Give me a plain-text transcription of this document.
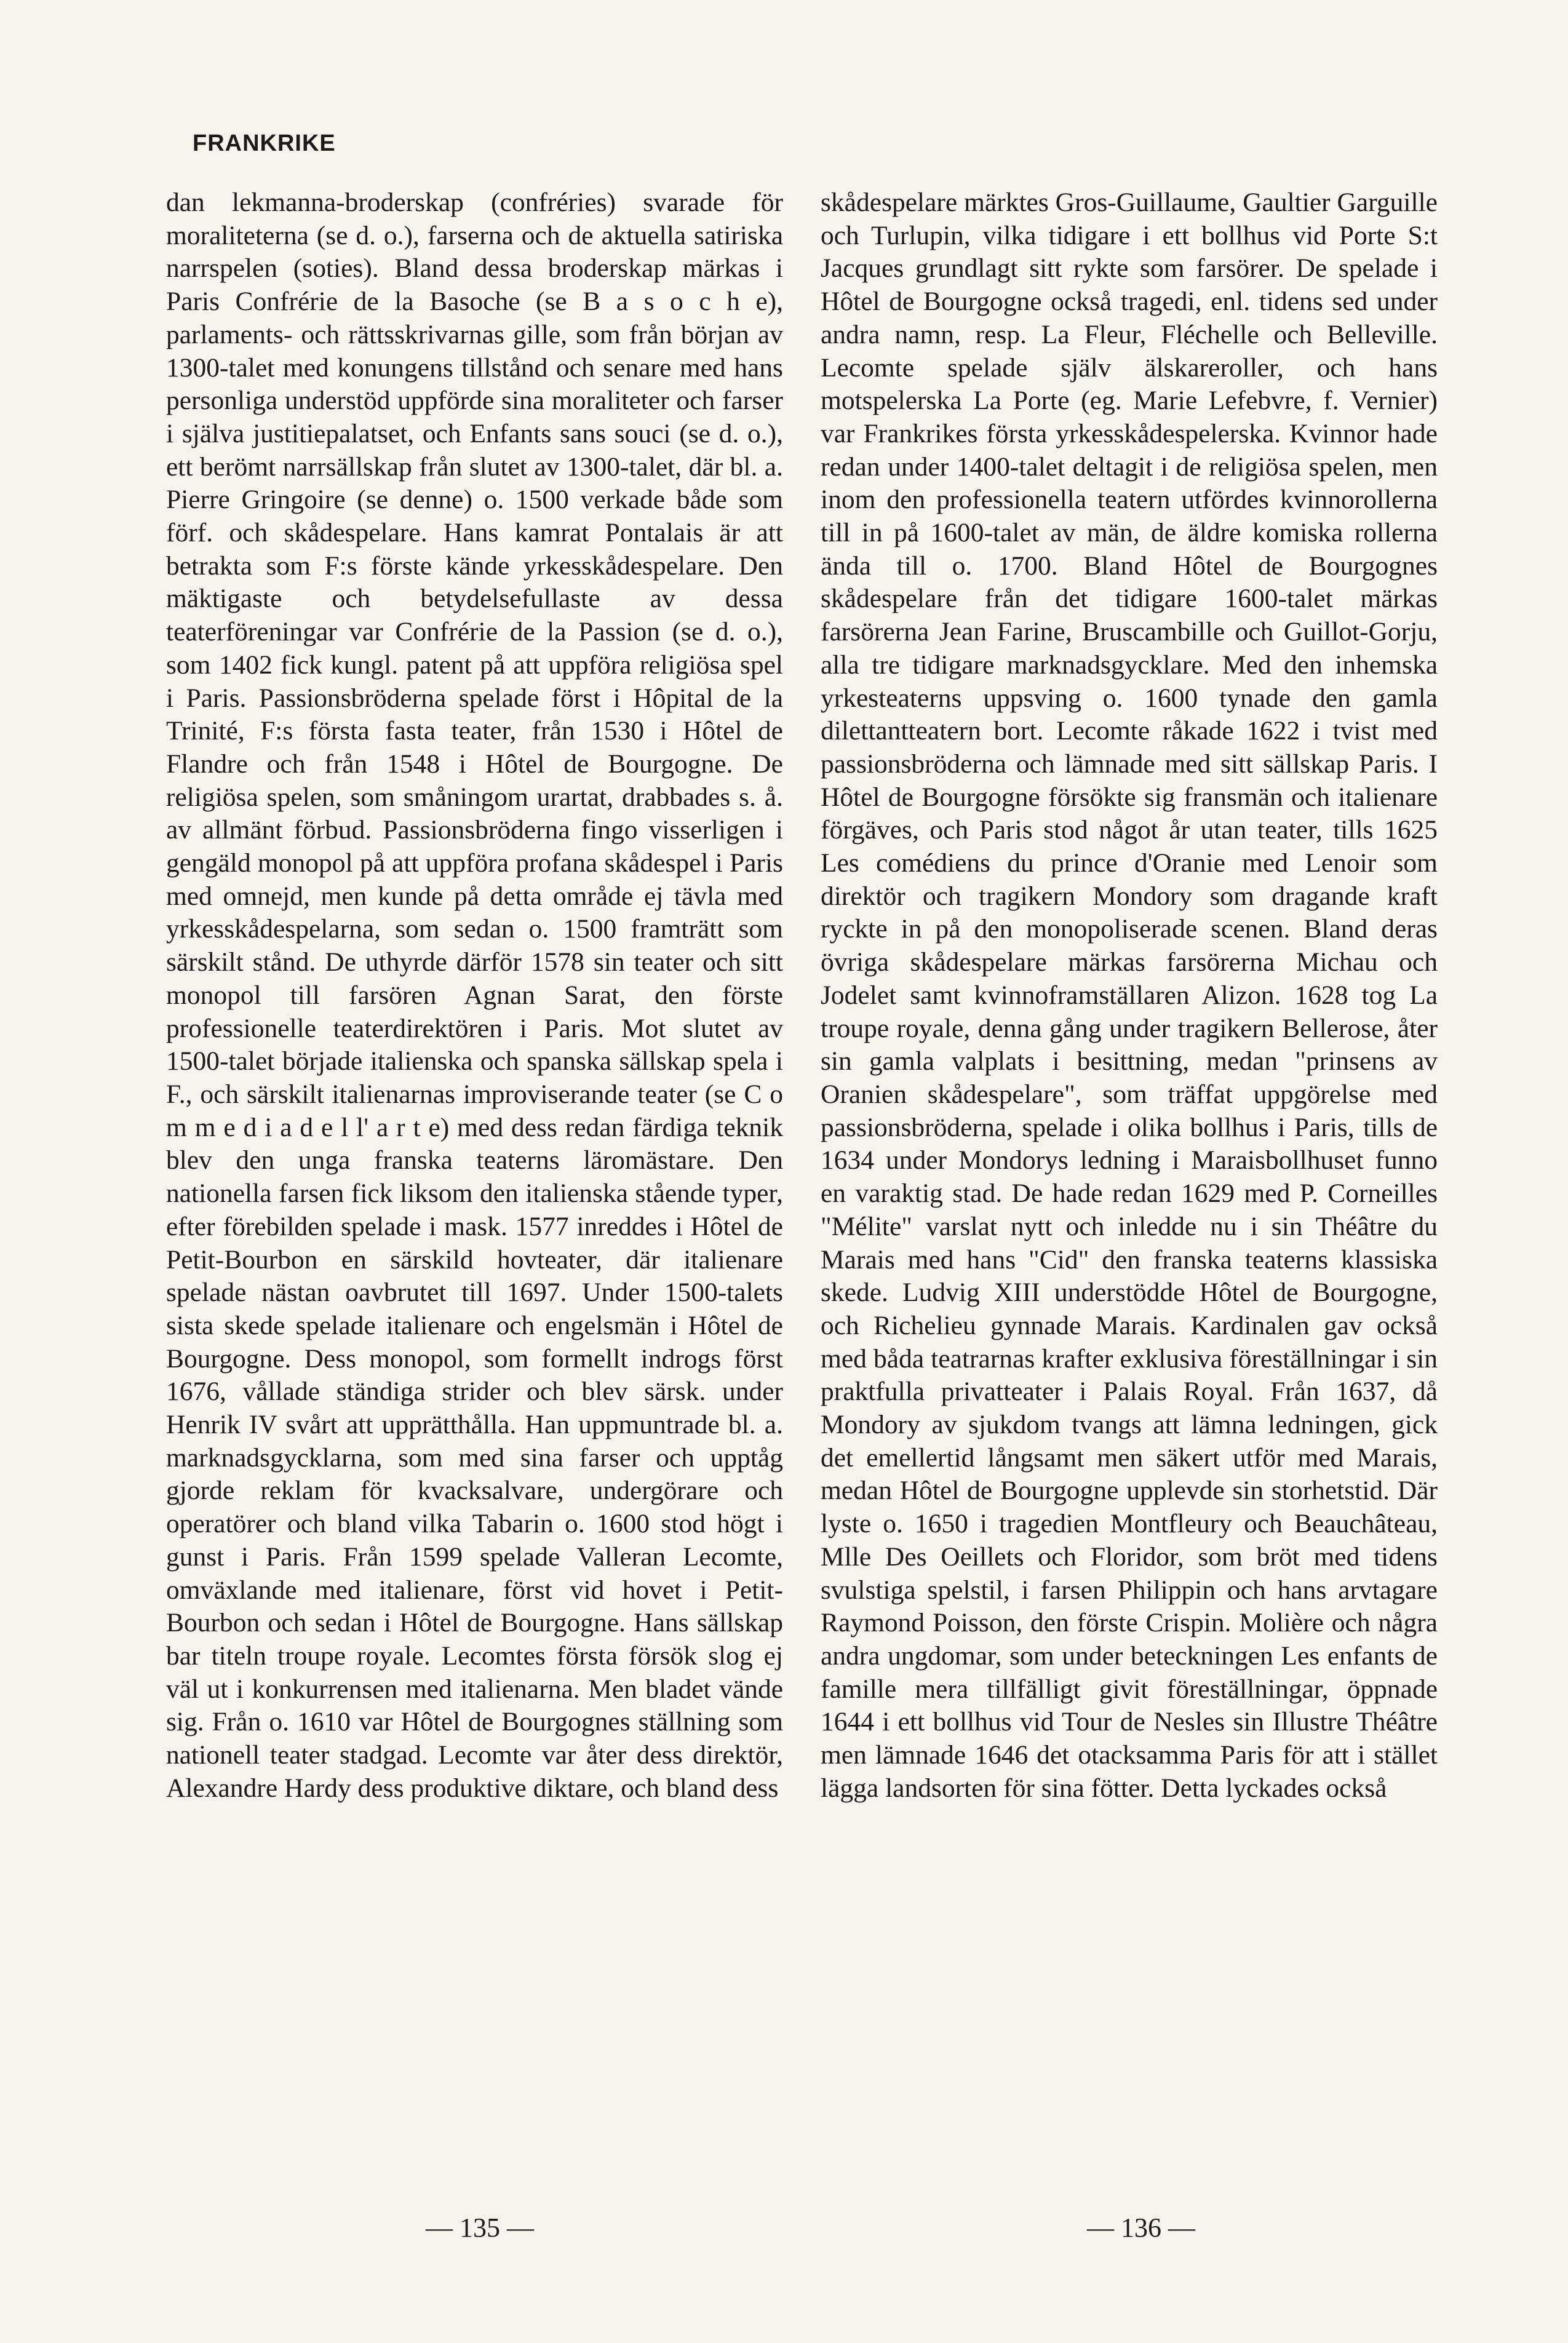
FRANKRIKE

dan lekmanna-broderskap (confréries) svarade för moraliteterna (se d. o.), farserna och de aktuella satiriska narrspelen (soties). Bland dessa broderskap märkas i Paris Confrérie de la Basoche (se B a s o c h e), parlaments- och rättsskrivarnas gille, som från början av 1300-talet med konungens tillstånd och senare med hans personliga understöd uppförde sina moraliteter och farser i själva justitiepalatset, och Enfants sans souci (se d. o.), ett berömt narrsällskap från slutet av 1300-talet, där bl. a. Pierre Gringoire (se denne) o. 1500 verkade både som förf. och skådespelare. Hans kamrat Pontalais är att betrakta som F:s förste kände yrkesskådespelare. Den mäktigaste och betydelsefullaste av dessa teaterföreningar var Confrérie de la Passion (se d. o.), som 1402 fick kungl. patent på att uppföra religiösa spel i Paris. Passionsbröderna spelade först i Hôpital de la Trinité, F:s första fasta teater, från 1530 i Hôtel de Flandre och från 1548 i Hôtel de Bourgogne. De religiösa spelen, som småningom urartat, drabbades s. å. av allmänt förbud. Passionsbröderna fingo visserligen i gengäld monopol på att uppföra profana skådespel i Paris med omnejd, men kunde på detta område ej tävla med yrkesskådespelarna, som sedan o. 1500 framträtt som särskilt stånd. De uthyrde därför 1578 sin teater och sitt monopol till farsören Agnan Sarat, den förste professionelle teaterdirektören i Paris. Mot slutet av 1500-talet började italienska och spanska sällskap spela i F., och särskilt italienarnas improviserande teater (se C o m m e d i a d e l l' a r t e) med dess redan färdiga teknik blev den unga franska teaterns läromästare. Den nationella farsen fick liksom den italienska stående typer, efter förebilden spelade i mask. 1577 inreddes i Hôtel de Petit-Bourbon en särskild hovteater, där italienare spelade nästan oavbrutet till 1697. Under 1500-talets sista skede spelade italienare och engelsmän i Hôtel de Bourgogne. Dess monopol, som formellt indrogs först 1676, vållade ständiga strider och blev särsk. under Henrik IV svårt att upprätthålla. Han uppmuntrade bl. a. marknadsgycklarna, som med sina farser och upptåg gjorde reklam för kvacksalvare, undergörare och operatörer och bland vilka Tabarin o. 1600 stod högt i gunst i Paris. Från 1599 spelade Valleran Lecomte, omväxlande med italienare, först vid hovet i Petit-Bourbon och sedan i Hôtel de Bourgogne. Hans sällskap bar titeln troupe royale. Lecomtes första försök slog ej väl ut i konkurrensen med italienarna. Men bladet vände sig. Från o. 1610 var Hôtel de Bourgognes ställning som nationell teater stadgad. Lecomte var åter dess direktör, Alexandre Hardy dess produktive diktare, och bland dess

skådespelare märktes Gros-Guillaume, Gaultier Garguille och Turlupin, vilka tidigare i ett bollhus vid Porte S:t Jacques grundlagt sitt rykte som farsörer. De spelade i Hôtel de Bourgogne också tragedi, enl. tidens sed under andra namn, resp. La Fleur, Fléchelle och Belleville. Lecomte spelade själv älskareroller, och hans motspelerska La Porte (eg. Marie Lefebvre, f. Vernier) var Frankrikes första yrkesskådespelerska. Kvinnor hade redan under 1400-talet deltagit i de religiösa spelen, men inom den professionella teatern utfördes kvinnorollerna till in på 1600-talet av män, de äldre komiska rollerna ända till o. 1700. Bland Hôtel de Bourgognes skådespelare från det tidigare 1600-talet märkas farsörerna Jean Farine, Bruscambille och Guillot-Gorju, alla tre tidigare marknadsgycklare. Med den inhemska yrkesteaterns uppsving o. 1600 tynade den gamla dilettantteatern bort. Lecomte råkade 1622 i tvist med passionsbröderna och lämnade med sitt sällskap Paris. I Hôtel de Bourgogne försökte sig fransmän och italienare förgäves, och Paris stod något år utan teater, tills 1625 Les comédiens du prince d'Oranie med Lenoir som direktör och tragikern Mondory som dragande kraft ryckte in på den monopoliserade scenen. Bland deras övriga skådespelare märkas farsörerna Michau och Jodelet samt kvinnoframställaren Alizon. 1628 tog La troupe royale, denna gång under tragikern Bellerose, åter sin gamla valplats i besittning, medan "prinsens av Oranien skådespelare", som träffat uppgörelse med passionsbröderna, spelade i olika bollhus i Paris, tills de 1634 under Mondorys ledning i Maraisbollhuset funno en varaktig stad. De hade redan 1629 med P. Corneilles "Mélite" varslat nytt och inledde nu i sin Théâtre du Marais med hans "Cid" den franska teaterns klassiska skede. Ludvig XIII understödde Hôtel de Bourgogne, och Richelieu gynnade Marais. Kardinalen gav också med båda teatrarnas krafter exklusiva föreställningar i sin praktfulla privatteater i Palais Royal. Från 1637, då Mondory av sjukdom tvangs att lämna ledningen, gick det emellertid långsamt men säkert utför med Marais, medan Hôtel de Bourgogne upplevde sin storhetstid. Där lyste o. 1650 i tragedien Montfleury och Beauchâteau, Mlle Des Oeillets och Floridor, som bröt med tidens svulstiga spelstil, i farsen Philippin och hans arvtagare Raymond Poisson, den förste Crispin. Molière och några andra ungdomar, som under beteckningen Les enfants de famille mera tillfälligt givit föreställningar, öppnade 1644 i ett bollhus vid Tour de Nesles sin Illustre Théâtre men lämnade 1646 det otacksamma Paris för att i stället lägga landsorten för sina fötter. Detta lyckades också

— 135 —	— 136 —
